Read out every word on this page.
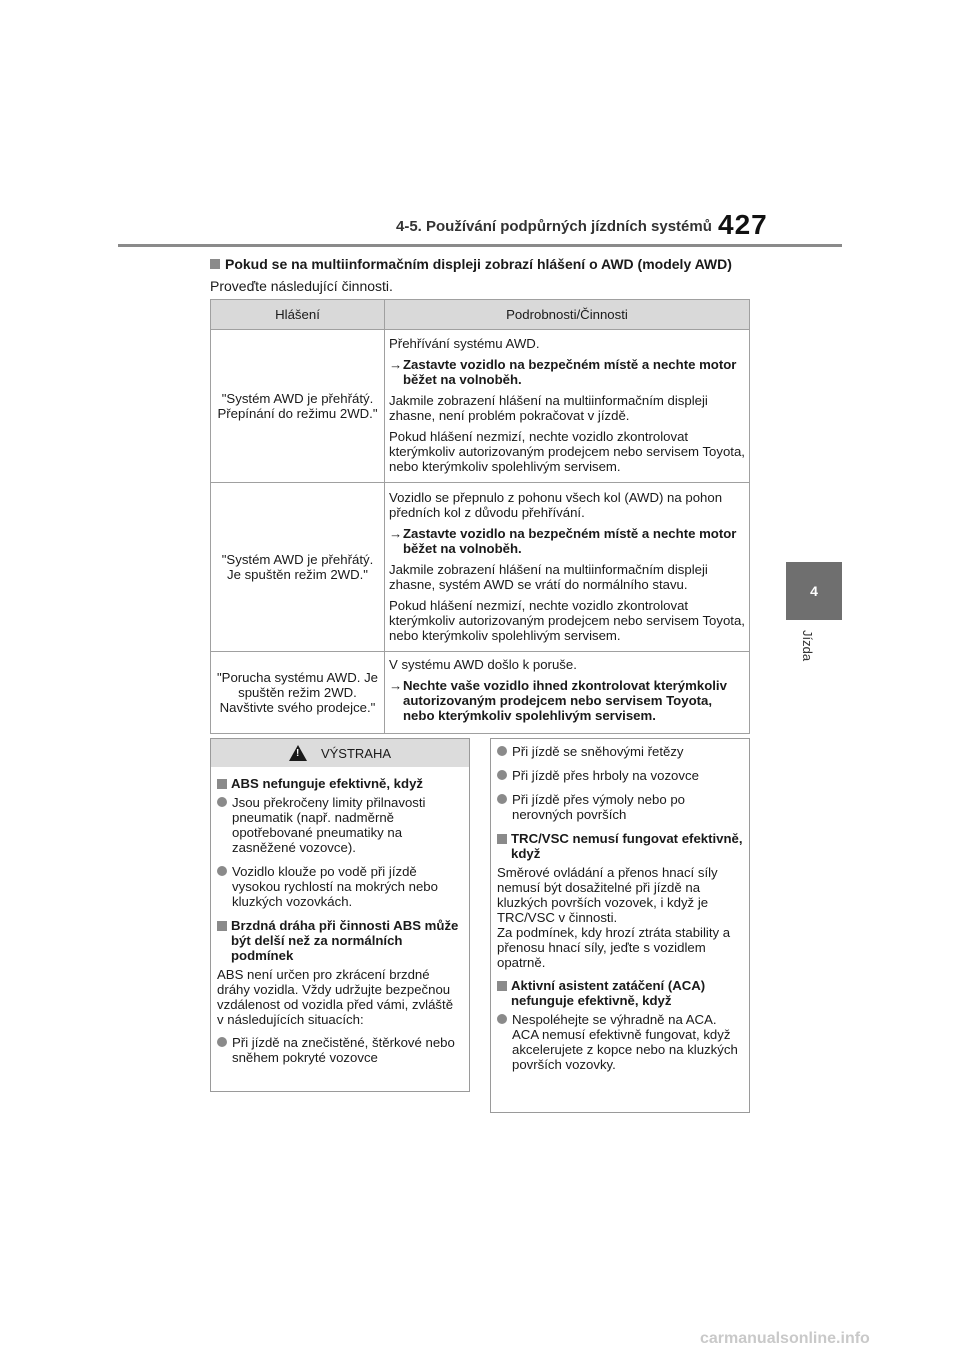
4-5. Používání podpůrných jízdních systémů 427
4
Jízda
Pokud se na multiinformačním displeji zobrazí hlášení o AWD (modely AWD)
Proveďte následující činnosti.
Hlášení	Podrobnosti/Činnosti
"Systém AWD je přehřátý. Přepínání do režimu 2WD."	Přehřívání systému AWD.

→ Zastavte vozidlo na bezpečném místě a nechte motor běžet na volnoběh.

Jakmile zobrazení hlášení na multiinformačním displeji zhasne, není problém pokračovat v jízdě.

Pokud hlášení nezmizí, nechte vozidlo zkontrolovat kterýmkoliv autorizovaným prodejcem nebo servisem Toyota, nebo kterýmkoliv spolehlivým servisem.

"Systém AWD je přehřátý. Je spuštěn režim 2WD."	Vozidlo se přepnulo z pohonu všech kol (AWD) na pohon předních kol z důvodu přehřívání.

→ Zastavte vozidlo na bezpečném místě a nechte motor běžet na volnoběh.

Jakmile zobrazení hlášení na multiinformačním displeji zhasne, systém AWD se vrátí do normálního stavu.

Pokud hlášení nezmizí, nechte vozidlo zkontrolovat kterýmkoliv autorizovaným prodejcem nebo servisem Toyota, nebo kterýmkoliv spolehlivým servisem.

"Porucha systému AWD. Je spuštěn režim 2WD. Navštivte svého prodejce."	V systému AWD došlo k poruše.

→ Nechte vaše vozidlo ihned zkontrolovat kterýmkoliv autorizovaným prodejcem nebo servisem Toyota, nebo kterýmkoliv spolehlivým servisem.
! VÝSTRAHA
ABS nefunguje efektivně, když
Jsou překročeny limity přilnavosti pneumatik (např. nadměrně opotřebované pneumatiky na zasněžené vozovce).
Vozidlo klouže po vodě při jízdě vysokou rychlostí na mokrých nebo kluzkých vozovkách.
Brzdná dráha při činnosti ABS může být delší než za normálních podmínek
ABS není určen pro zkrácení brzdné dráhy vozidla. Vždy udržujte bezpečnou vzdálenost od vozidla před vámi, zvláště v následujících situacích:
Při jízdě na znečistěné, štěrkové nebo sněhem pokryté vozovce
Při jízdě se sněhovými řetězy
Při jízdě přes hrboly na vozovce
Při jízdě přes výmoly nebo po nerovných površích
TRC/VSC nemusí fungovat efektivně, když
Směrové ovládání a přenos hnací síly nemusí být dosažitelné při jízdě na kluzkých površích vozovek, i když je TRC/VSC v činnosti.
Za podmínek, kdy hrozí ztráta stability a přenosu hnací síly, jeďte s vozidlem opatrně.
Aktivní asistent zatáčení (ACA) nefunguje efektivně, když
Nespoléhejte se výhradně na ACA. ACA nemusí efektivně fungovat, když akcelerujete z kopce nebo na kluzkých površích vozovky.
carmanualsonline.info
